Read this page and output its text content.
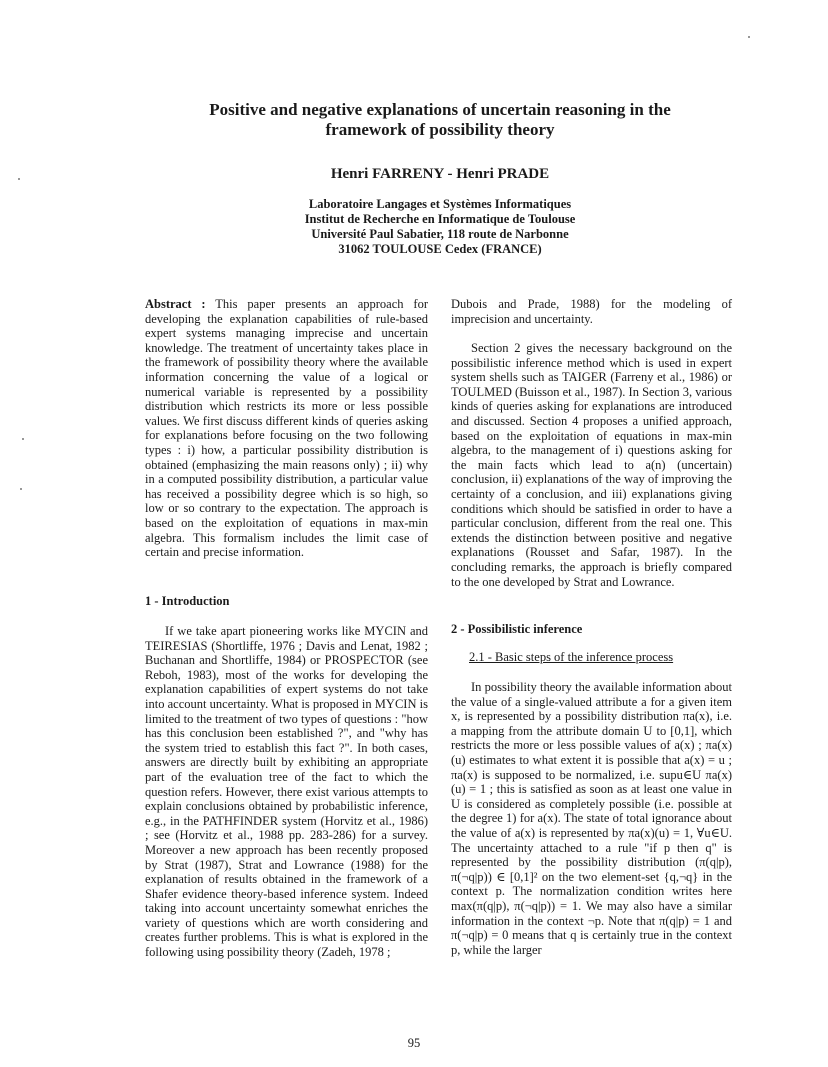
Positive and negative explanations of uncertain reasoning in the
framework of possibility theory
Henri FARRENY - Henri PRADE
Laboratoire Langages et Systèmes Informatiques
Institut de Recherche en Informatique de Toulouse
Université Paul Sabatier, 118 route de Narbonne
31062 TOULOUSE Cedex (FRANCE)

Abstract : This paper presents an approach for developing the explanation capabilities of rule-based expert systems managing imprecise and uncertain knowledge. The treatment of uncertainty takes place in the framework of possibility theory where the available information concerning the value of a logical or numerical variable is represented by a possibility distribution which restricts its more or less possible values. We first discuss different kinds of queries asking for explanations before focusing on the two following types : i) how, a particular possibility distribution is obtained (emphasizing the main reasons only) ; ii) why in a computed possibility distribution, a particular value has received a possibility degree which is so high, so low or so contrary to the expectation. The approach is based on the exploitation of equations in max-min algebra. This formalism includes the limit case of certain and precise information.

1 - Introduction

If we take apart pioneering works like MYCIN and TEIRESIAS (Shortliffe, 1976 ; Davis and Lenat, 1982 ; Buchanan and Shortliffe, 1984) or PROSPECTOR (see Reboh, 1983), most of the works for developing the explanation capabilities of expert systems do not take into account uncertainty. What is proposed in MYCIN is limited to the treatment of two types of questions : "how has this conclusion been established ?", and "why has the system tried to establish this fact ?". In both cases, answers are directly built by exhibiting an appropriate part of the evaluation tree of the fact to which the question refers. However, there exist various attempts to explain conclusions obtained by probabilistic inference, e.g., in the PATHFINDER system (Horvitz et al., 1986) ; see (Horvitz et al., 1988 pp. 283-286) for a survey. Moreover a new approach has been recently proposed by Strat (1987), Strat and Lowrance (1988) for the explanation of results obtained in the framework of a Shafer evidence theory-based inference system. Indeed taking into account uncertainty somewhat enriches the variety of questions which are worth considering and creates further problems. This is what is explored in the following using possibility theory (Zadeh, 1978 ;

Dubois and Prade, 1988) for the modeling of imprecision and uncertainty.

Section 2 gives the necessary background on the possibilistic inference method which is used in expert system shells such as TAIGER (Farreny et al., 1986) or TOULMED (Buisson et al., 1987). In Section 3, various kinds of queries asking for explanations are introduced and discussed. Section 4 proposes a unified approach, based on the exploitation of equations in max-min algebra, to the management of i) questions asking for the main facts which lead to a(n) (uncertain) conclusion, ii) explanations of the way of improving the certainty of a conclusion, and iii) explanations giving conditions which should be satisfied in order to have a particular conclusion, different from the real one. This extends the distinction between positive and negative explanations (Rousset and Safar, 1987). In the concluding remarks, the approach is briefly compared to the one developed by Strat and Lowrance.

2 - Possibilistic inference
2.1 - Basic steps of the inference process

In possibility theory the available information about the value of a single-valued attribute a for a given item x, is represented by a possibility distribution πa(x), i.e. a mapping from the attribute domain U to [0,1], which restricts the more or less possible values of a(x) ; πa(x)(u) estimates to what extent it is possible that a(x) = u ; πa(x) is supposed to be normalized, i.e. supu∈U πa(x)(u) = 1 ; this is satisfied as soon as at least one value in U is considered as completely possible (i.e. possible at the degree 1) for a(x). The state of total ignorance about the value of a(x) is represented by πa(x)(u) = 1, ∀u∈U. The uncertainty attached to a rule "if p then q" is represented by the possibility distribution (π(q|p), π(¬q|p)) ∈ [0,1]² on the two element-set {q,¬q} in the context p. The normalization condition writes here max(π(q|p), π(¬q|p)) = 1. We may also have a similar information in the context ¬p. Note that π(q|p) = 1 and π(¬q|p) = 0 means that q is certainly true in the context p, while the larger

95
